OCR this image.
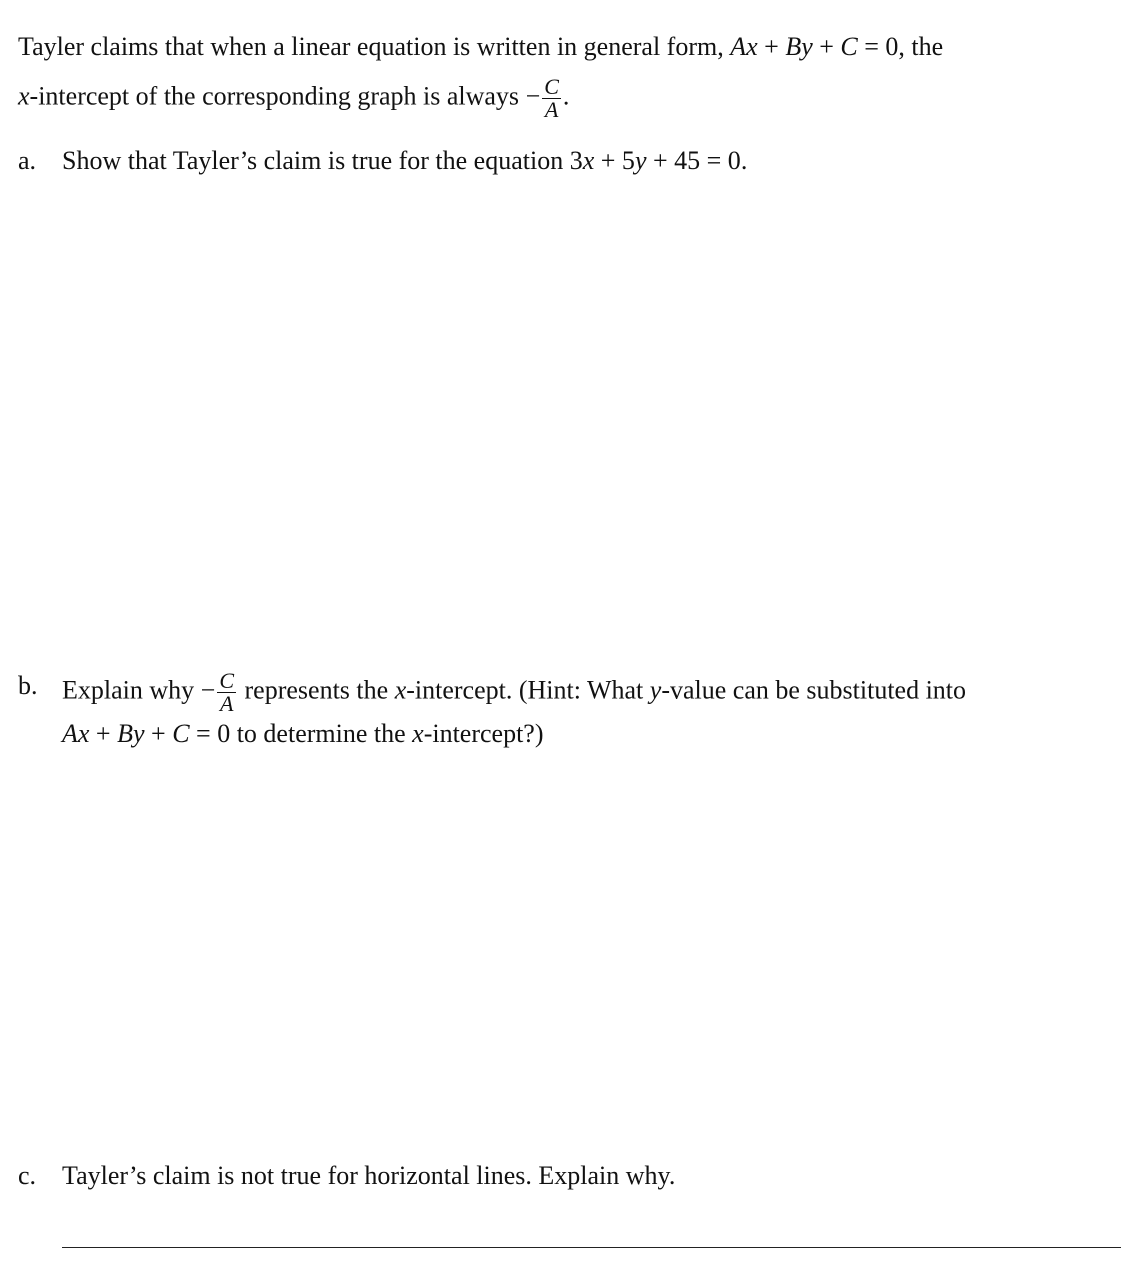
Tayler claims that when a linear equation is written in general form, Ax + By + C = 0, the
x-intercept of the corresponding graph is always − $\frac{C}{A}$ .
a. Show that Tayler’s claim is true for the equation 3x + 5y + 45 = 0.
b. Explain why − $\frac{C}{A}$ represents the x-intercept. (Hint: What y-value can be substituted into
Ax + By + C = 0 to determine the x-intercept?)
c. Tayler’s claim is not true for horizontal lines. Explain why.
